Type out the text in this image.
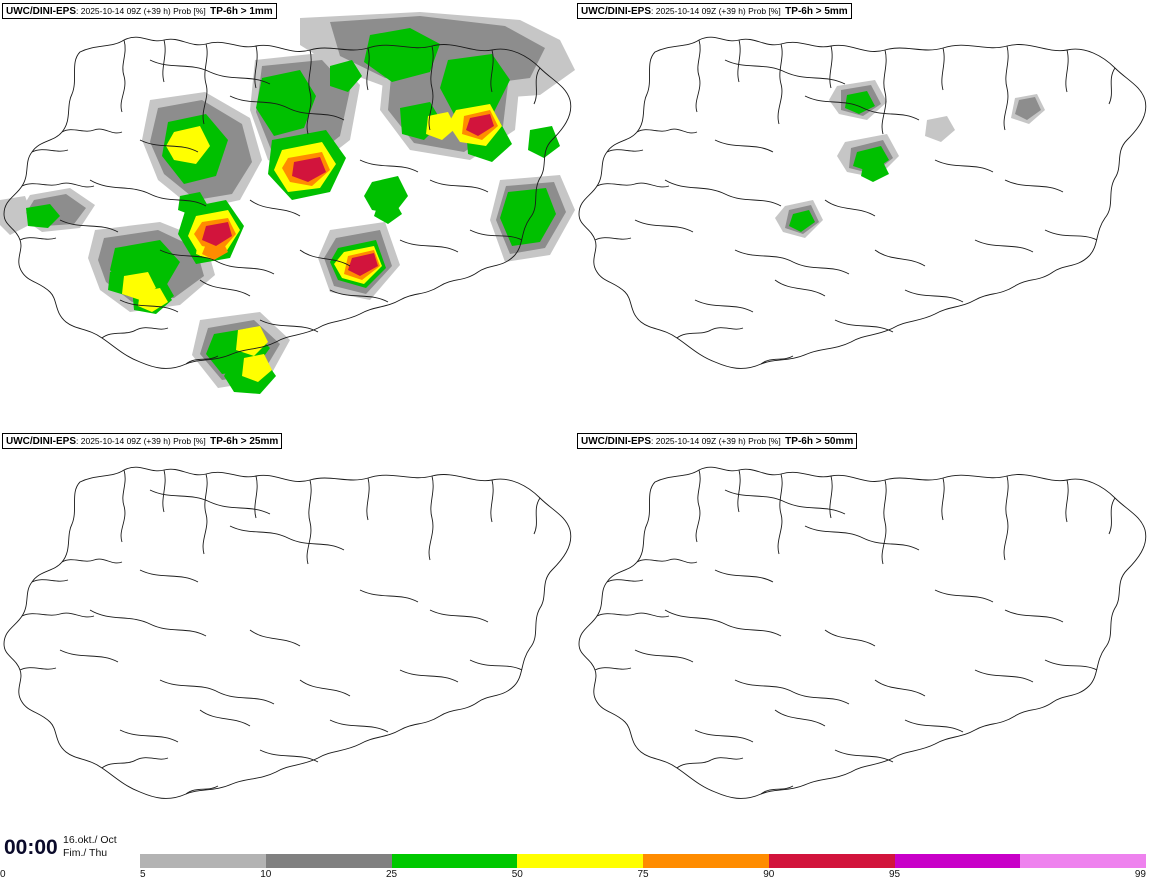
UWC/DINI-EPS: 2025-10-14 09Z (+39 h) Prob [%] TP-6h > 1mm	UWC/DINI-EPS: 2025-10-14 09Z (+39 h) Prob [%] TP-6h > 5mm
UWC/DINI-EPS: 2025-10-14 09Z (+39 h) Prob [%] TP-6h > 25mm	UWC/DINI-EPS: 2025-10-14 09Z (+39 h) Prob [%] TP-6h > 50mm
00:00 16.okt./ Oct
Fim./ Thu
0	5	10	25	50	75	90	95	99
